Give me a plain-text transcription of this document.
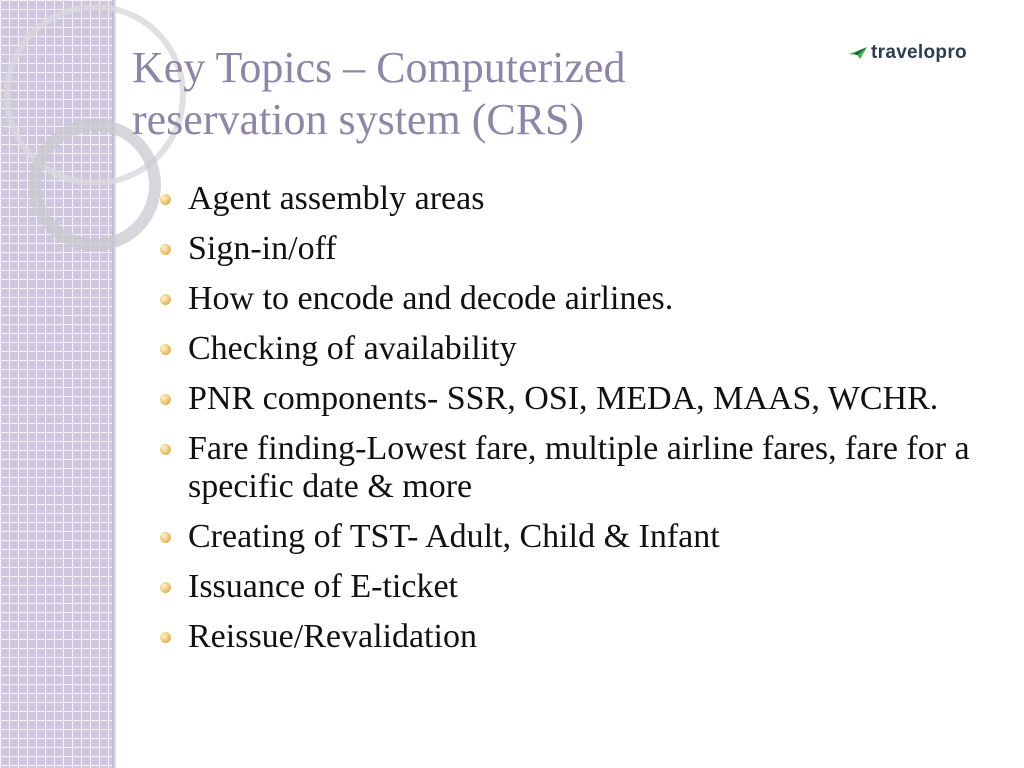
Key Topics – Computerized
reservation system (CRS)
travelopro
Agent assembly areas
Sign-in/off
How to encode and decode airlines.
Checking of availability
PNR components- SSR, OSI, MEDA, MAAS, WCHR.
Fare finding-Lowest fare, multiple airline fares, fare for a specific date & more
Creating of TST- Adult, Child & Infant
Issuance of E-ticket
Reissue/Revalidation
